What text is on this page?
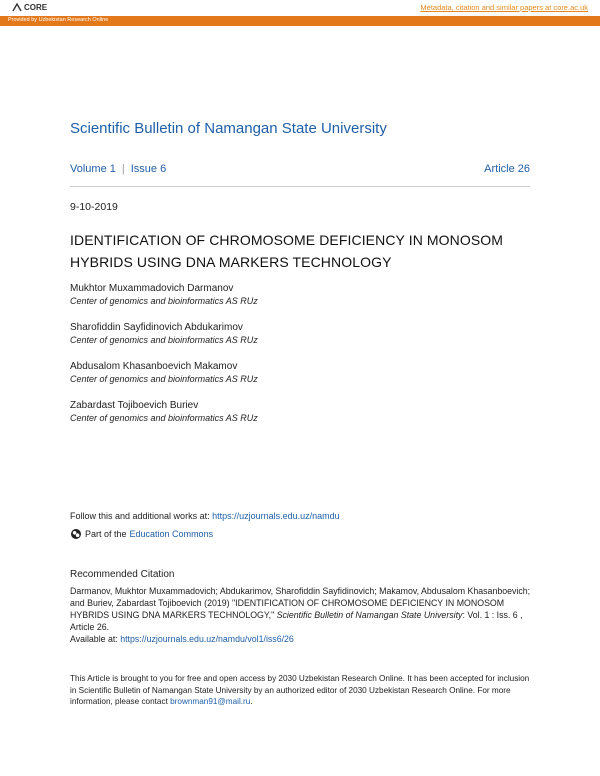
CORE	Metadata, citation and similar papers at core.ac.uk
Provided by Uzbekistan Research Online
Scientific Bulletin of Namangan State University
Volume 1 | Issue 6	Article 26
9-10-2019
IDENTIFICATION OF CHROMOSOME DEFICIENCY IN MONOSOM HYBRIDS USING DNA MARKERS TECHNOLOGY
Mukhtor Muxammadovich Darmanov
Center of genomics and bioinformatics AS RUz
Sharofiddin Sayfidinovich Abdukarimov
Center of genomics and bioinformatics AS RUz
Abdusalom Khasanboevich Makamov
Center of genomics and bioinformatics AS RUz
Zabardast Tojiboevich Buriev
Center of genomics and bioinformatics AS RUz
Follow this and additional works at: https://uzjournals.edu.uz/namdu
Part of the Education Commons
Recommended Citation
Darmanov, Mukhtor Muxammadovich; Abdukarimov, Sharofiddin Sayfidinovich; Makamov, Abdusalom Khasanboevich; and Buriev, Zabardast Tojiboevich (2019) "IDENTIFICATION OF CHROMOSOME DEFICIENCY IN MONOSOM HYBRIDS USING DNA MARKERS TECHNOLOGY," Scientific Bulletin of Namangan State University: Vol. 1 : Iss. 6 , Article 26.
Available at: https://uzjournals.edu.uz/namdu/vol1/iss6/26
This Article is brought to you for free and open access by 2030 Uzbekistan Research Online. It has been accepted for inclusion in Scientific Bulletin of Namangan State University by an authorized editor of 2030 Uzbekistan Research Online. For more information, please contact brownman91@mail.ru.
